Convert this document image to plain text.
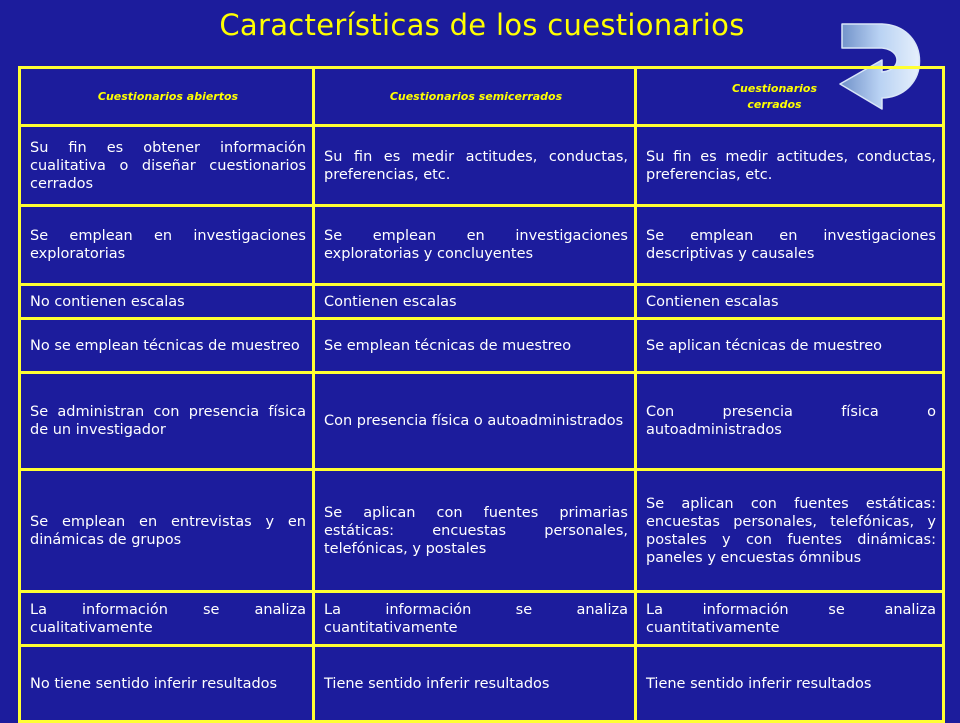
Características de los cuestionarios
Cuestionarios abiertos	Cuestionarios semicerrados	Cuestionarios cerrados
Su fin es obtener información cualitativa o diseñar cuestionarios cerrados	Su fin es medir actitudes, conductas, preferencias, etc.	Su fin es medir actitudes, conductas, preferencias, etc.
Se emplean en investigaciones exploratorias	Se emplean en investigaciones exploratorias y concluyentes	Se emplean en investigaciones descriptivas y causales
No contienen escalas	Contienen escalas	Contienen escalas
No se emplean técnicas de muestreo	Se emplean técnicas de muestreo	Se aplican técnicas de muestreo
Se administran con presencia física de un investigador	Con presencia física o autoadministrados	Con presencia física o autoadministrados
Se emplean en entrevistas y en dinámicas de grupos	Se aplican con fuentes primarias estáticas: encuestas personales, telefónicas, y postales	Se aplican con fuentes estáticas: encuestas personales, telefónicas, y postales y con fuentes dinámicas: paneles y encuestas ómnibus
La información se analiza cualitativamente	La información se analiza cuantitativamente	La información se analiza cuantitativamente
No tiene sentido inferir resultados	Tiene sentido inferir resultados	Tiene sentido inferir resultados
